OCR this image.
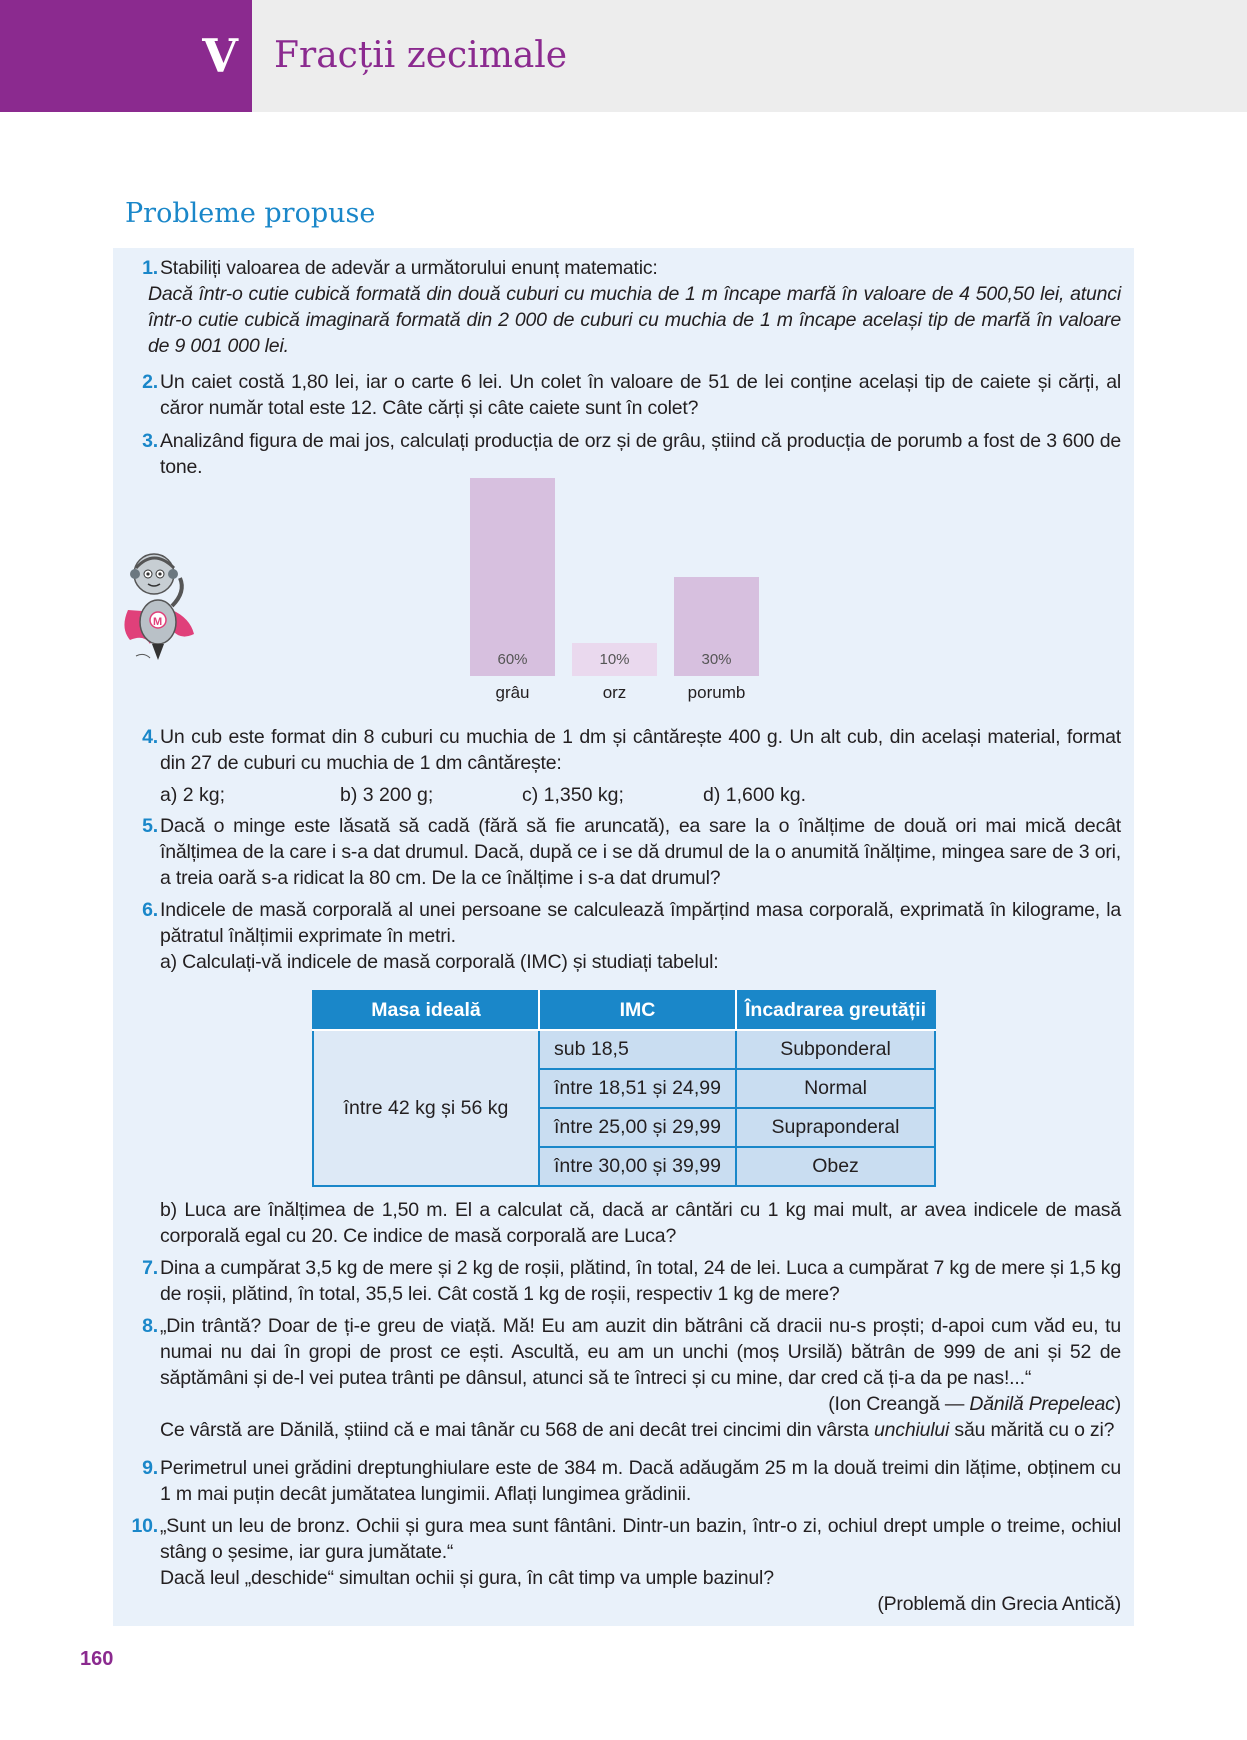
V	Fracții zecimale
Probleme propuse
1. Stabiliți valoarea de adevăr a următorului enunț matematic:

Dacă într-o cutie cubică formată din două cuburi cu muchia de 1 m încape marfă în valoare de 4 500,50 lei, atunci într-o cutie cubică imaginară formată din 2 000 de cuburi cu muchia de 1 m încape același tip de marfă în valoare de 9 001 000 lei.

2. Un caiet costă 1,80 lei, iar o carte 6 lei. Un colet în valoare de 51 de lei conține același tip de caiete și cărți, al căror număr total este 12. Câte cărți și câte caiete sunt în colet?

3. Analizând figura de mai jos, calculați producția de orz și de grâu, știind că producția de porumb a fost de 3 600 de tone.

M
60%
grâu
10%
orz
30%
porumb
4. Un cub este format din 8 cuburi cu muchia de 1 dm și cântărește 400 g. Un alt cub, din același material, format din 27 de cuburi cu muchia de 1 dm cântărește:

a) 2 kg;	b) 3 200 g;	c) 1,350 kg;	d) 1,600 kg.
5. Dacă o minge este lăsată să cadă (fără să fie aruncată), ea sare la o înălțime de două ori mai mică decât înălțimea de la care i s-a dat drumul. Dacă, după ce i se dă drumul de la o anumită înălțime, mingea sare de 3 ori, a treia oară s-a ridicat la 80 cm. De la ce înălțime i s-a dat drumul?

6. Indicele de masă corporală al unei persoane se calculează împărțind masa corporală, exprimată în kilograme, la pătratul înălțimii exprimate în metri.

a) Calculați-vă indicele de masă corporală (IMC) și studiați tabelul:

Masa ideală	IMC	Încadrarea greutății
între 42 kg și 56 kg	sub 18,5	Subponderal
	între 18,51 și 24,99	Normal
	între 25,00 și 29,99	Supraponderal
	între 30,00 și 39,99	Obez

b) Luca are înălțimea de 1,50 m. El a calculat că, dacă ar cântări cu 1 kg mai mult, ar avea indicele de masă corporală egal cu 20. Ce indice de masă corporală are Luca?

7. Dina a cumpărat 3,5 kg de mere și 2 kg de roșii, plătind, în total, 24 de lei. Luca a cumpărat 7 kg de mere și 1,5 kg de roșii, plătind, în total, 35,5 lei. Cât costă 1 kg de roșii, respectiv 1 kg de mere?

8. „Din trântă? Doar de ți-e greu de viață. Mă! Eu am auzit din bătrâni că dracii nu-s proști; d-apoi cum văd eu, tu numai nu dai în gropi de prost ce ești. Ascultă, eu am un unchi (moș Ursilă) bătrân de 999 de ani și 52 de săptămâni și de-l vei putea trânti pe dânsul, atunci să te întreci și cu mine, dar cred că ți-a da pe nas!...“

(Ion Creangă — Dănilă Prepeleac)

Ce vârstă are Dănilă, știind că e mai tânăr cu 568 de ani decât trei cincimi din vârsta unchiului său mărită cu o zi?

9. Perimetrul unei grădini dreptunghiulare este de 384 m. Dacă adăugăm 25 m la două treimi din lățime, obținem cu 1 m mai puțin decât jumătatea lungimii. Aflați lungimea grădinii.

10. „Sunt un leu de bronz. Ochii și gura mea sunt fântâni. Dintr-un bazin, într-o zi, ochiul drept umple o treime, ochiul stâng o șesime, iar gura jumătate.“

Dacă leul „deschide“ simultan ochii și gura, în cât timp va umple bazinul?

(Problemă din Grecia Antică)

160
